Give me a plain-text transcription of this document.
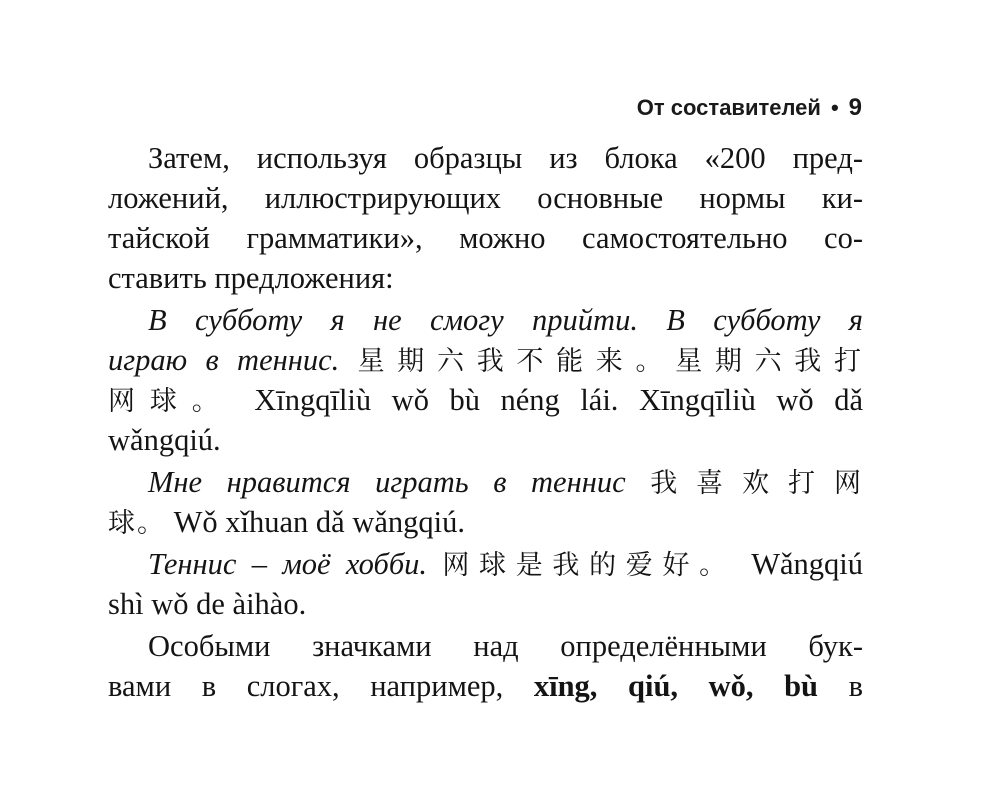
От составителей • 9
Затем, используя образцы из блока «200 пред-
ложений, иллюстрирующих основные нормы ки-
тайской грамматики», можно самостоятельно со-
ставить предложения:
В субботу я не смогу прийти. В субботу я
играю в теннис. 星期六我不能来。星期六我打
网球。 Xīngqīliù wǒ bù néng lái. Xīngqīliù wǒ dǎ
wǎngqiú.
Мне нравится играть в теннис 我喜欢打网
球。 Wǒ xǐhuan dǎ wǎngqiú.
Теннис – моё хобби. 网球是我的爱好。 Wǎngqiú
shì wǒ de àihào.
Особыми значками над определёнными бук-
вами в слогах, например, xīng, qiú, wǒ, bù в
